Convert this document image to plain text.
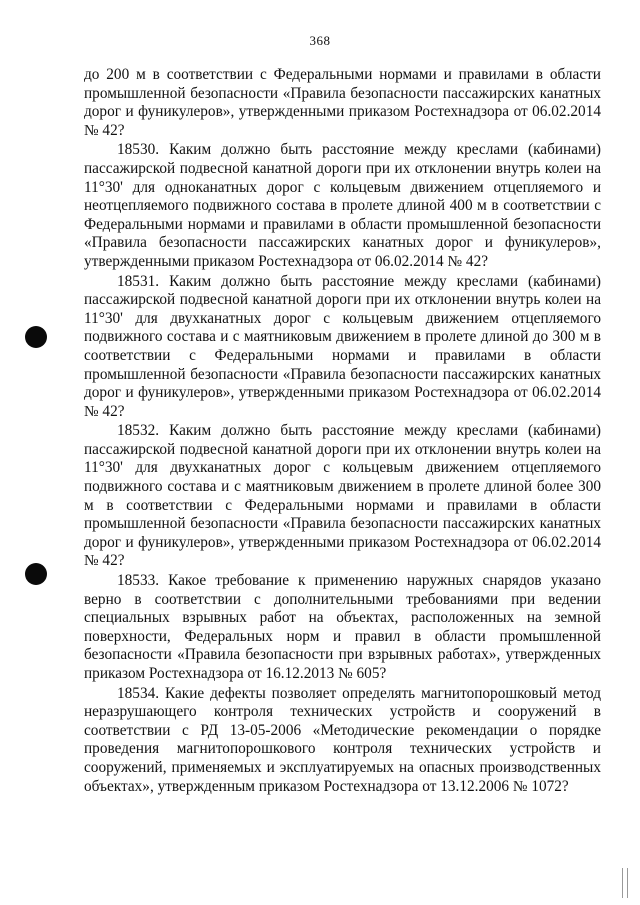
368

до 200 м в соответствии с Федеральными нормами и правилами в области промышленной безопасности «Правила безопасности пассажирских канатных дорог и фуникулеров», утвержденными приказом Ростехнадзора от 06.02.2014 № 42?

18530. Каким должно быть расстояние между креслами (кабинами) пассажирской подвесной канатной дороги при их отклонении внутрь колеи на 11°30' для одноканатных дорог с кольцевым движением отцепляемого и неотцепляемого подвижного состава в пролете длиной 400 м в соответствии с Федеральными нормами и правилами в области промышленной безопасности «Правила безопасности пассажирских канатных дорог и фуникулеров», утвержденными приказом Ростехнадзора от 06.02.2014 № 42?

18531. Каким должно быть расстояние между креслами (кабинами) пассажирской подвесной канатной дороги при их отклонении внутрь колеи на 11°30' для двухканатных дорог с кольцевым движением отцепляемого подвижного состава и с маятниковым движением в пролете длиной до 300 м в соответствии с Федеральными нормами и правилами в области промышленной безопасности «Правила безопасности пассажирских канатных дорог и фуникулеров», утвержденными приказом Ростехнадзора от 06.02.2014 № 42?

18532. Каким должно быть расстояние между креслами (кабинами) пассажирской подвесной канатной дороги при их отклонении внутрь колеи на 11°30' для двухканатных дорог с кольцевым движением отцепляемого подвижного состава и с маятниковым движением в пролете длиной более 300 м в соответствии с Федеральными нормами и правилами в области промышленной безопасности «Правила безопасности пассажирских канатных дорог и фуникулеров», утвержденными приказом Ростехнадзора от 06.02.2014 № 42?

18533. Какое требование к применению наружных снарядов указано верно в соответствии с дополнительными требованиями при ведении специальных взрывных работ на объектах, расположенных на земной поверхности, Федеральных норм и правил в области промышленной безопасности «Правила безопасности при взрывных работах», утвержденных приказом Ростехнадзора от 16.12.2013 № 605?

18534. Какие дефекты позволяет определять магнитопорошковый метод неразрушающего контроля технических устройств и сооружений в соответствии с РД 13-05-2006 «Методические рекомендации о порядке проведения магнитопорошкового контроля технических устройств и сооружений, применяемых и эксплуатируемых на опасных производственных объектах», утвержденным приказом Ростехнадзора от 13.12.2006 № 1072?
